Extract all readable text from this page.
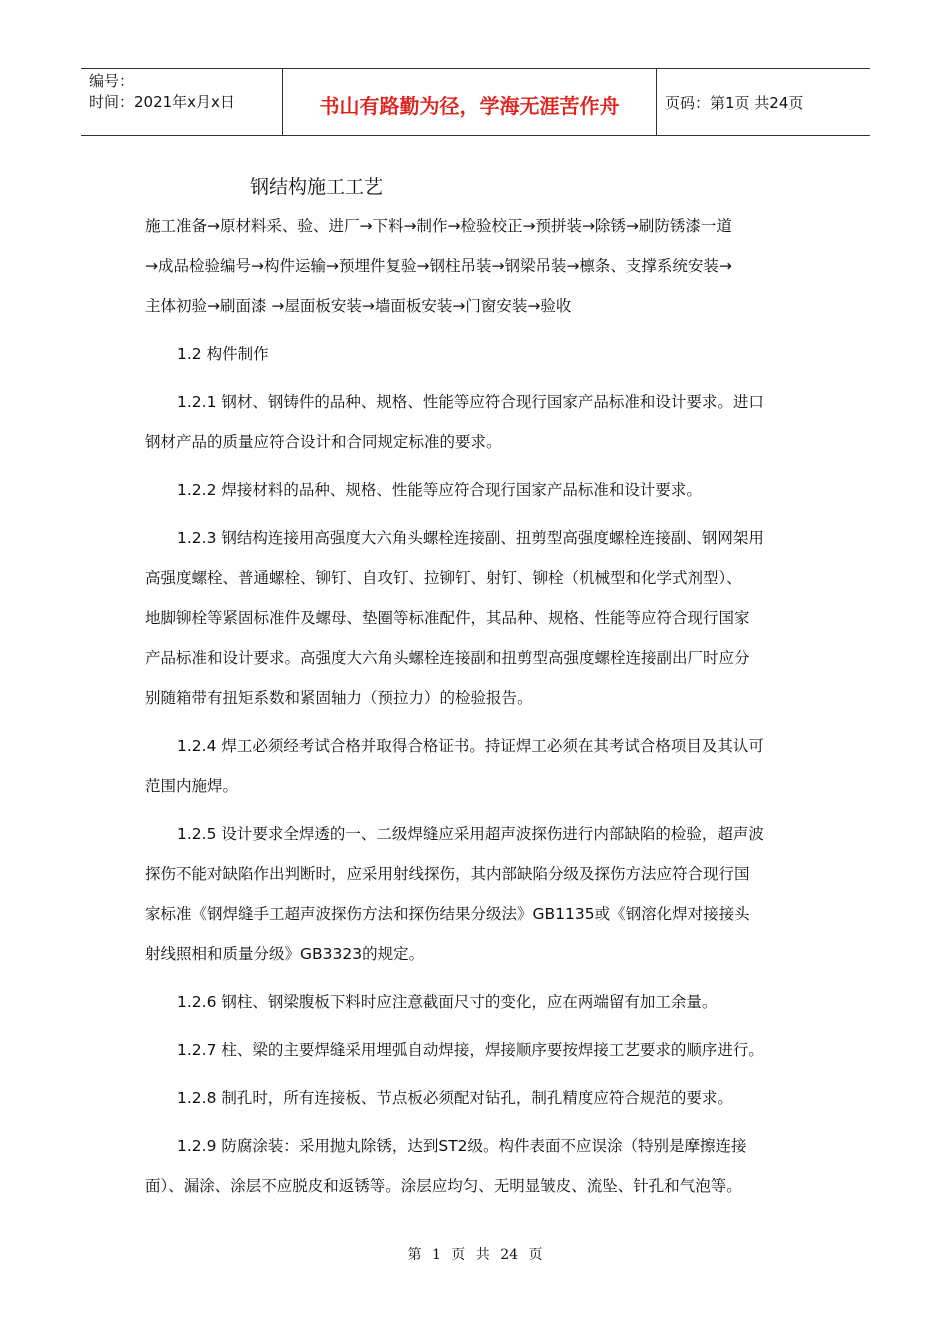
编号：
时间：2021年x月x日	书山有路勤为径，学海无涯苦作舟	页码：第1页 共24页
钢结构施工工艺

施工准备→原材料采、验、进厂→下料→制作→检验校正→预拼装→除锈→刷防锈漆一道

→成品检验编号→构件运输→预埋件复验→钢柱吊装→钢梁吊装→檩条、支撑系统安装→

主体初验→刷面漆 →屋面板安装→墙面板安装→门窗安装→验收

1.2 构件制作

1.2.1 钢材、钢铸件的品种、规格、性能等应符合现行国家产品标准和设计要求。进口

钢材产品的质量应符合设计和合同规定标准的要求。

1.2.2 焊接材料的品种、规格、性能等应符合现行国家产品标准和设计要求。

1.2.3 钢结构连接用高强度大六角头螺栓连接副、扭剪型高强度螺栓连接副、钢网架用

高强度螺栓、普通螺栓、铆钉、自攻钉、拉铆钉、射钉、铆栓（机械型和化学式剂型）、

地脚铆栓等紧固标准件及螺母、垫圈等标准配件，其品种、规格、性能等应符合现行国家

产品标准和设计要求。高强度大六角头螺栓连接副和扭剪型高强度螺栓连接副出厂时应分

别随箱带有扭矩系数和紧固轴力（预拉力）的检验报告。

1.2.4 焊工必须经考试合格并取得合格证书。持证焊工必须在其考试合格项目及其认可

范围内施焊。

1.2.5 设计要求全焊透的一、二级焊缝应采用超声波探伤进行内部缺陷的检验，超声波

探伤不能对缺陷作出判断时，应采用射线探伤，其内部缺陷分级及探伤方法应符合现行国

家标准《钢焊缝手工超声波探伤方法和探伤结果分级法》GB1135或《钢溶化焊对接接头

射线照相和质量分级》GB3323的规定。

1.2.6 钢柱、钢梁腹板下料时应注意截面尺寸的变化，应在两端留有加工余量。

1.2.7 柱、梁的主要焊缝采用埋弧自动焊接，焊接顺序要按焊接工艺要求的顺序进行。

1.2.8 制孔时，所有连接板、节点板必须配对钻孔，制孔精度应符合规范的要求。

1.2.9 防腐涂装：采用抛丸除锈，达到ST2级。构件表面不应误涂（特别是摩擦连接

面）、漏涂、涂层不应脱皮和返锈等。涂层应均匀、无明显皱皮、流坠、针孔和气泡等。

第 1 页 共 24 页
